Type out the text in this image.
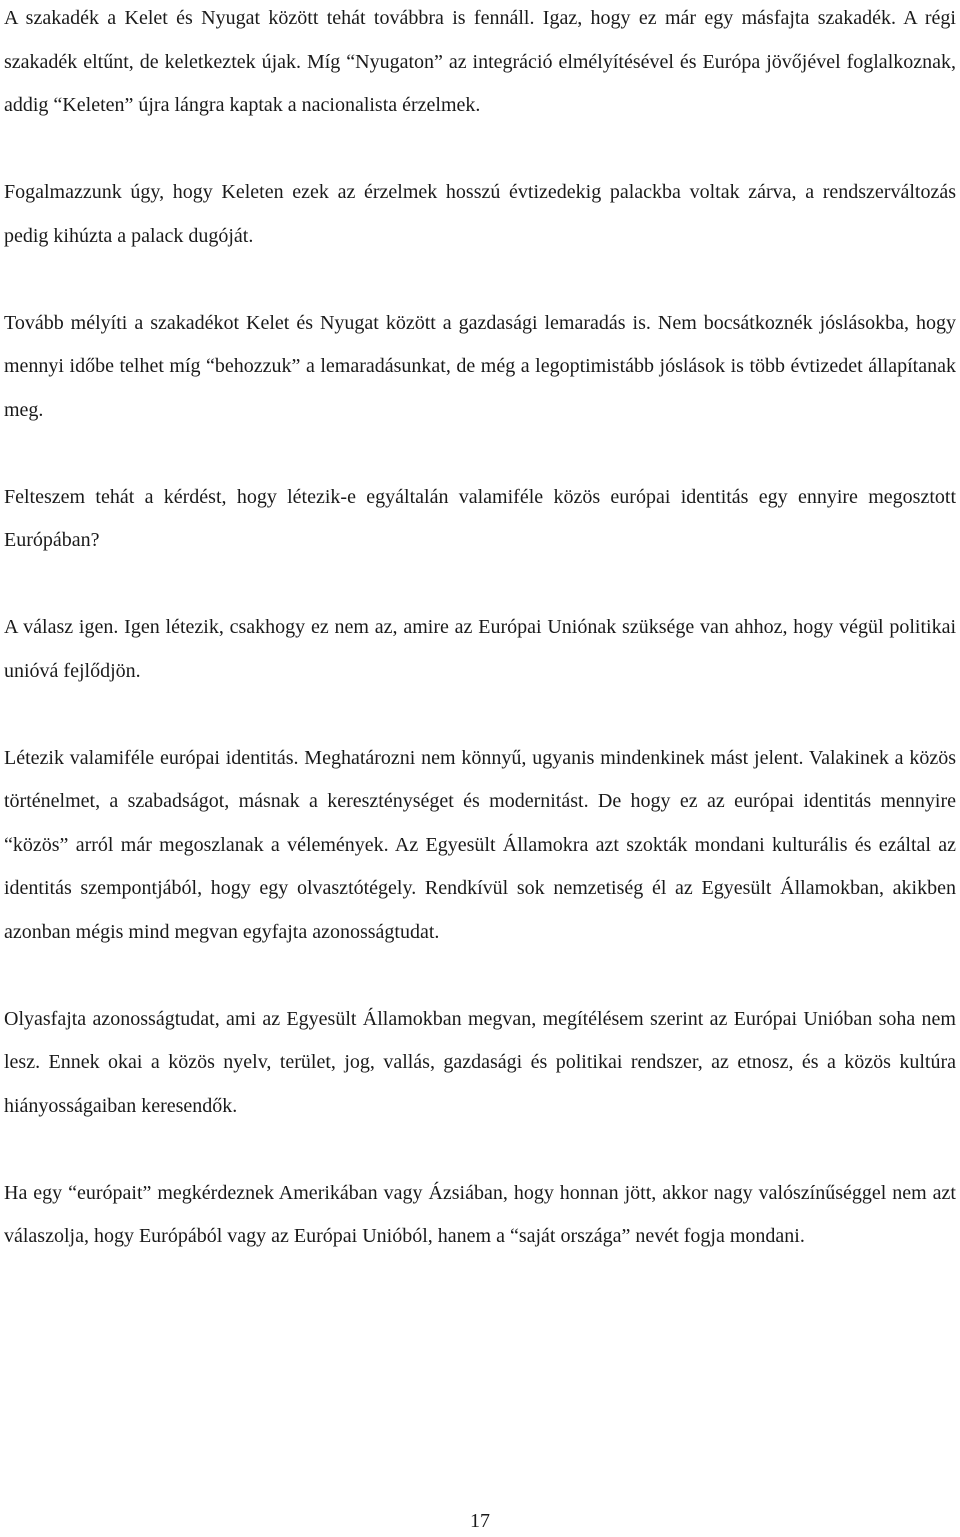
A szakadék a Kelet és Nyugat között tehát továbbra is fennáll. Igaz, hogy ez már egy másfajta szakadék. A régi szakadék eltűnt, de keletkeztek újak. Míg “Nyugaton” az integráció elmélyítésével és Európa jövőjével foglalkoznak, addig “Keleten” újra lángra kaptak a nacionalista érzelmek.

Fogalmazzunk úgy, hogy Keleten ezek az érzelmek hosszú évtizedekig palackba voltak zárva, a rendszerváltozás pedig kihúzta a palack dugóját.

Tovább mélyíti a szakadékot Kelet és Nyugat között a gazdasági lemaradás is. Nem bocsátkoznék jóslásokba, hogy mennyi időbe telhet míg “behozzuk” a lemaradásunkat, de még a legoptimistább jóslások is több évtizedet állapítanak meg.

Felteszem tehát a kérdést, hogy létezik-e egyáltalán valamiféle közös európai identitás egy ennyire megosztott Európában?

A válasz igen. Igen létezik, csakhogy ez nem az, amire az Európai Uniónak szüksége van ahhoz, hogy végül politikai unióvá fejlődjön.

Létezik valamiféle európai identitás. Meghatározni nem könnyű, ugyanis mindenkinek mást jelent. Valakinek a közös történelmet, a szabadságot, másnak a kereszténységet és modernitást. De hogy ez az európai identitás mennyire “közös” arról már megoszlanak a vélemények. Az Egyesült Államokra azt szokták mondani kulturális és ezáltal az identitás szempontjából, hogy egy olvasztótégely. Rendkívül sok nemzetiség él az Egyesült Államokban, akikben azonban mégis mind megvan egyfajta azonosságtudat.

Olyasfajta azonosságtudat, ami az Egyesült Államokban megvan, megítélésem szerint az Európai Unióban soha nem lesz. Ennek okai a közös nyelv, terület, jog, vallás, gazdasági és politikai rendszer, az etnosz, és a közös kultúra hiányosságaiban keresendők.

Ha egy “európait” megkérdeznek Amerikában vagy Ázsiában, hogy honnan jött, akkor nagy valószínűséggel nem azt válaszolja, hogy Európából vagy az Európai Unióból, hanem a “saját országa” nevét fogja mondani.

17
